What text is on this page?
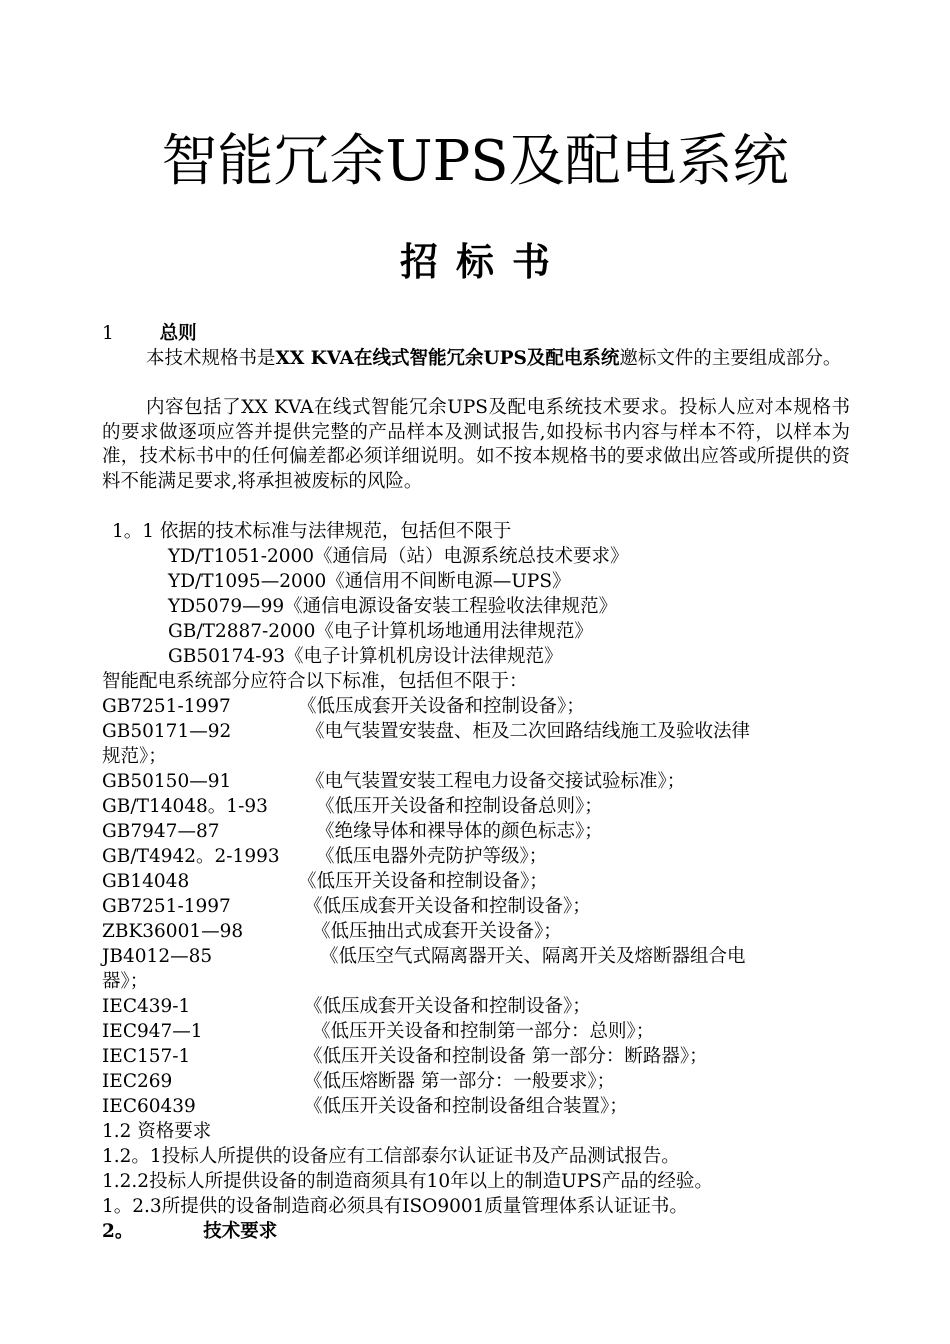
智能冗余UPS及配电系统
招标书
1 总则
本技术规格书是XX KVA在线式智能冗余UPS及配电系统邀标文件的主要组成部分。
内容包括了XX KVA在线式智能冗余UPS及配电系统技术要求。投标人应对本规格书的要求做逐项应答并提供完整的产品样本及测试报告,如投标书内容与样本不符，以样本为准，技术标书中的任何偏差都必须详细说明。如不按本规格书的要求做出应答或所提供的资料不能满足要求,将承担被废标的风险。
1。1 依据的技术标准与法律规范，包括但不限于
YD/T1051-2000《通信局（站）电源系统总技术要求》
YD/T1095—2000《通信用不间断电源—UPS》
YD5079—99《通信电源设备安装工程验收法律规范》
GB/T2887-2000《电子计算机场地通用法律规范》
GB50174-93《电子计算机机房设计法律规范》
智能配电系统部分应符合以下标准，包括但不限于：
GB7251-1997	《低压成套开关设备和控制设备》；
GB50171—92	《电气装置安装盘、柜及二次回路结线施工及验收法律
规范》；
GB50150—91	《电气装置安装工程电力设备交接试验标准》；
GB/T14048。1-93	《低压开关设备和控制设备总则》；
GB7947—87	《绝缘导体和裸导体的颜色标志》；
GB/T4942。2-1993 《低压电器外壳防护等级》；
GB14048	《低压开关设备和控制设备》；
GB7251-1997	《低压成套开关设备和控制设备》；
ZBK36001—98	《低压抽出式成套开关设备》；
JB4012—85	《低压空气式隔离器开关、隔离开关及熔断器组合电
器》；
IEC439-1	《低压成套开关设备和控制设备》；
IEC947—1	《低压开关设备和控制第一部分：总则》；
IEC157-1	《低压开关设备和控制设备 第一部分：断路器》；
IEC269	《低压熔断器 第一部分：一般要求》；
IEC60439	《低压开关设备和控制设备组合装置》；
1.2 资格要求
1.2。1投标人所提供的设备应有工信部泰尔认证证书及产品测试报告。
1.2.2投标人所提供设备的制造商须具有10年以上的制造UPS产品的经验。
1。2.3所提供的设备制造商必须具有ISO9001质量管理体系认证证书。
2。	技术要求
